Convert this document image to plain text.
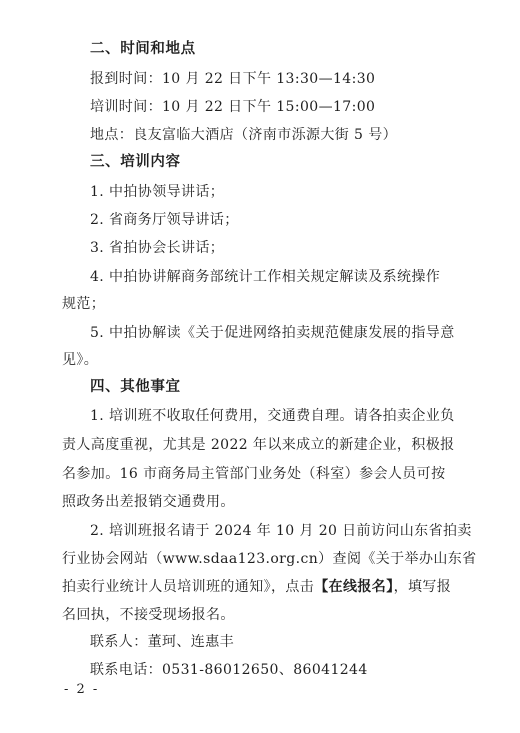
二、时间和地点
报到时间：10 月 22 日下午 13:30—14:30
培训时间：10 月 22 日下午 15:00—17:00
地点：良友富临大酒店（济南市泺源大街 5 号）
三、培训内容
1. 中拍协领导讲话；
2. 省商务厅领导讲话；
3. 省拍协会长讲话；
4. 中拍协讲解商务部统计工作相关规定解读及系统操作
规范；
5. 中拍协解读《关于促进网络拍卖规范健康发展的指导意
见》。
四、其他事宜
1. 培训班不收取任何费用，交通费自理。请各拍卖企业负
责人高度重视，尤其是 2022 年以来成立的新建企业，积极报
名参加。16 市商务局主管部门业务处（科室）参会人员可按
照政务出差报销交通费用。
2. 培训班报名请于 2024 年 10 月 20 日前访问山东省拍卖
行业协会网站（www.sdaa123.org.cn）查阅《关于举办山东省
拍卖行业统计人员培训班的通知》，点击【在线报名】，填写报
名回执，不接受现场报名。
联系人：董珂、连惠丰
联系电话：0531-86012650、86041244
- 2 -
